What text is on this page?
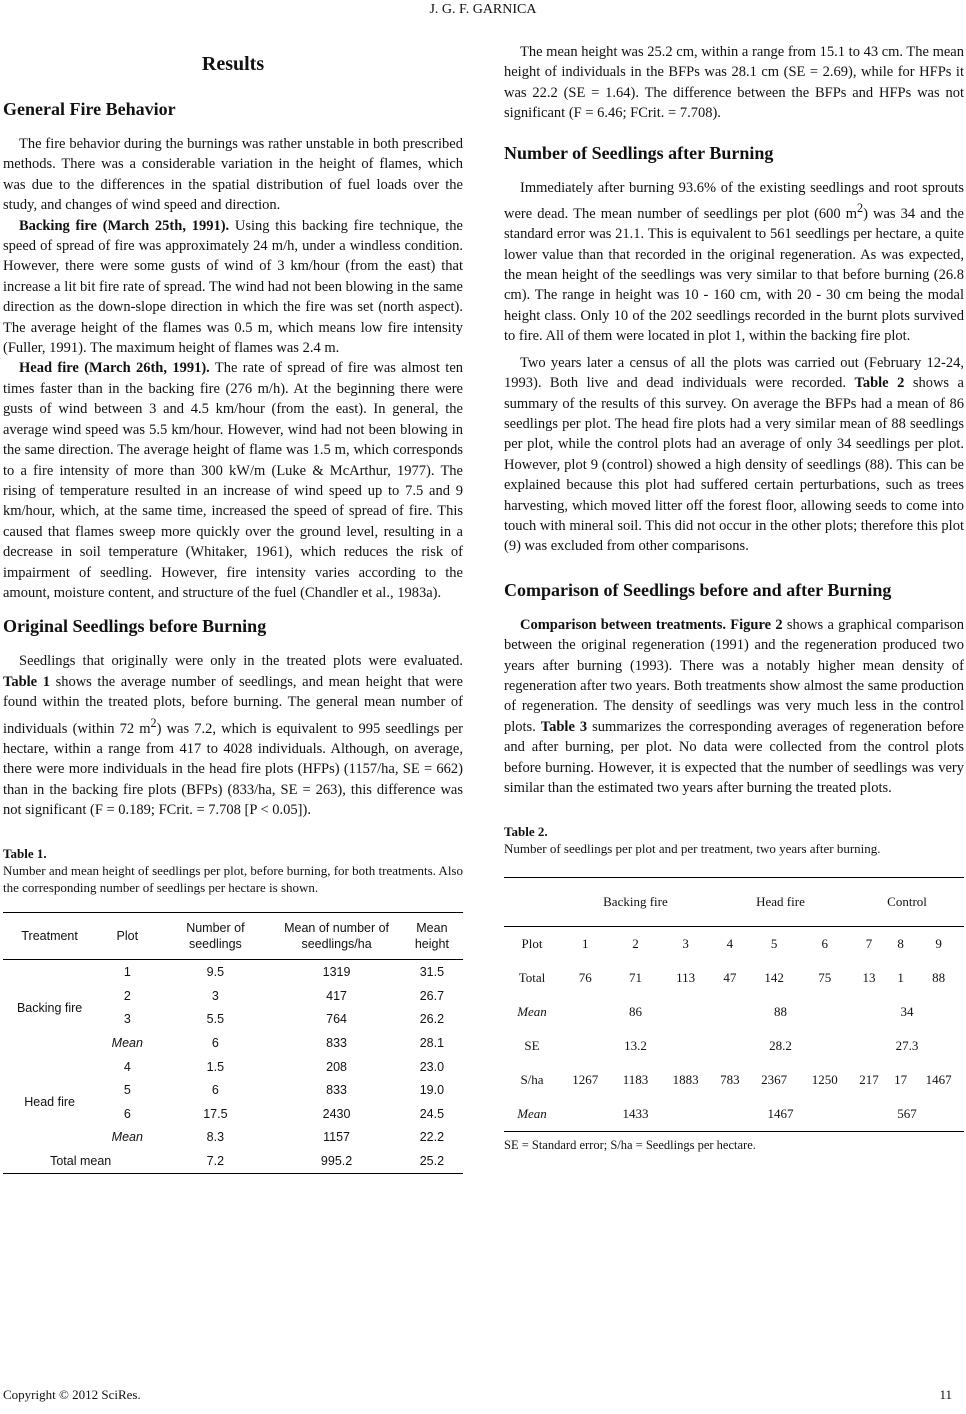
J. G. F. GARNICA
Results
General Fire Behavior

The fire behavior during the burnings was rather unstable in both prescribed methods. There was a considerable variation in the height of flames, which was due to the differences in the spatial distribution of fuel loads over the study, and changes of wind speed and direction.

Backing fire (March 25th, 1991). Using this backing fire technique, the speed of spread of fire was approximately 24 m/h, under a windless condition. However, there were some gusts of wind of 3 km/hour (from the east) that increase a lit bit fire rate of spread. The wind had not been blowing in the same direction as the down-slope direction in which the fire was set (north aspect). The average height of the flames was 0.5 m, which means low fire intensity (Fuller, 1991). The maximum height of flames was 2.4 m.

Head fire (March 26th, 1991). The rate of spread of fire was almost ten times faster than in the backing fire (276 m/h). At the beginning there were gusts of wind between 3 and 4.5 km/hour (from the east). In general, the average wind speed was 5.5 km/hour. However, wind had not been blowing in the same direction. The average height of flame was 1.5 m, which corresponds to a fire intensity of more than 300 kW/m (Luke & McArthur, 1977). The rising of temperature resulted in an increase of wind speed up to 7.5 and 9 km/hour, which, at the same time, increased the speed of spread of fire. This caused that flames sweep more quickly over the ground level, resulting in a decrease in soil temperature (Whitaker, 1961), which reduces the risk of impairment of seedling. However, fire intensity varies according to the amount, moisture content, and structure of the fuel (Chandler et al., 1983a).

Original Seedlings before Burning

Seedlings that originally were only in the treated plots were evaluated. Table 1 shows the average number of seedlings, and mean height that were found within the treated plots, before burning. The general mean number of individuals (within 72 $m^2$) was 7.2, which is equivalent to 995 seedlings per hectare, within a range from 417 to 4028 individuals. Although, on average, there were more individuals in the head fire plots (HFPs) (1157/ha, SE = 662) than in the backing fire plots (BFPs) (833/ha, SE = 263), this difference was not significant (F = 0.189; FCrit. = 7.708 [P < 0.05]).

Table 1.
Number and mean height of seedlings per plot, before burning, for both treatments. Also the corresponding number of seedlings per hectare is shown.
Treatment	Plot	Number of seedlings	Mean of number of seedlings/ha	Mean height
Backing fire	1	9.5	1319	31.5
	2	3	417	26.7
	3	5.5	764	26.2
	Mean	6	833	28.1
Head fire	4	1.5	208	23.0
	5	6	833	19.0
	6	17.5	2430	24.5
	Mean	8.3	1157	22.2
Total mean		7.2	995.2	25.2

The mean height was 25.2 cm, within a range from 15.1 to 43 cm. The mean height of individuals in the BFPs was 28.1 cm (SE = 2.69), while for HFPs it was 22.2 (SE = 1.64). The difference between the BFPs and HFPs was not significant (F = 6.46; FCrit. = 7.708).

Number of Seedlings after Burning

Immediately after burning 93.6% of the existing seedlings and root sprouts were dead. The mean number of seedlings per plot (600 $m^2$) was 34 and the standard error was 21.1. This is equivalent to 561 seedlings per hectare, a quite lower value than that recorded in the original regeneration. As was expected, the mean height of the seedlings was very similar to that before burning (26.8 cm). The range in height was 10 - 160 cm, with 20 - 30 cm being the modal height class. Only 10 of the 202 seedlings recorded in the burnt plots survived to fire. All of them were located in plot 1, within the backing fire plot.

Two years later a census of all the plots was carried out (February 12-24, 1993). Both live and dead individuals were recorded. Table 2 shows a summary of the results of this survey. On average the BFPs had a mean of 86 seedlings per plot. The head fire plots had a very similar mean of 88 seedlings per plot, while the control plots had an average of only 34 seedlings per plot. However, plot 9 (control) showed a high density of seedlings (88). This can be explained because this plot had suffered certain perturbations, such as trees harvesting, which moved litter off the forest floor, allowing seeds to come into touch with mineral soil. This did not occur in the other plots; therefore this plot (9) was excluded from other comparisons.

Comparison of Seedlings before and after Burning

Comparison between treatments. Figure 2 shows a graphical comparison between the original regeneration (1991) and the regeneration produced two years after burning (1993). There was a notably higher mean density of regeneration after two years. Both treatments show almost the same production of regeneration. The density of seedlings was very much less in the control plots. Table 3 summarizes the corresponding averages of regeneration before and after burning, per plot. No data were collected from the control plots before burning. However, it is expected that the number of seedlings was very similar than the estimated two years after burning the treated plots.

Table 2.
Number of seedlings per plot and per treatment, two years after burning.
	Backing fire			Head fire			Control		
Plot	1	2	3	4	5	6	7	8	9
Total	76	71	113	47	142	75	13	1	88
Mean	86			88			34		
SE	13.2			28.2			27.3		
S/ha	1267	1183	1883	783	2367	1250	217	17	1467
Mean	1433			1467			567		
SE = Standard error; S/ha = Seedlings per hectare.
Copyright © 2012 SciRes.	11
